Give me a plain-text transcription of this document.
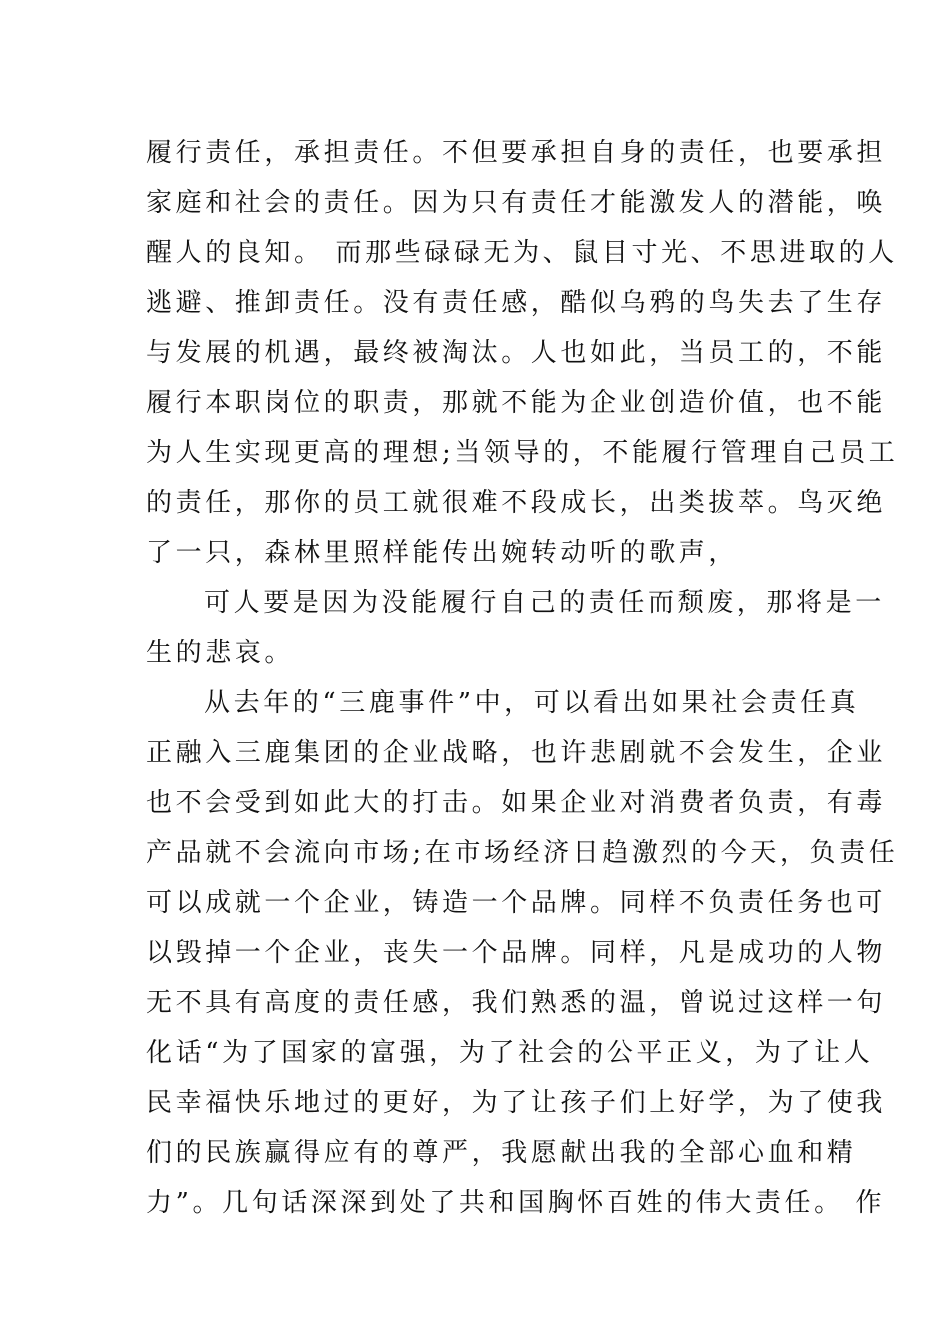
履行责任，承担责任。不但要承担自身的责任，也要承担
家庭和社会的责任。因为只有责任才能激发人的潜能，唤
醒人的良知。 而那些碌碌无为、鼠目寸光、不思进取的人
逃避、推卸责任。没有责任感，酷似乌鸦的鸟失去了生存
与发展的机遇，最终被淘汰。人也如此，当员工的，不能
履行本职岗位的职责，那就不能为企业创造价值，也不能
为人生实现更高的理想;当领导的，不能履行管理自己员工
的责任，那你的员工就很难不段成长，出类拔萃。鸟灭绝
了一只，森林里照样能传出婉转动听的歌声，
可人要是因为没能履行自己的责任而颓废，那将是一
生的悲哀。
从去年的“三鹿事件”中，可以看出如果社会责任真
正融入三鹿集团的企业战略，也许悲剧就不会发生，企业
也不会受到如此大的打击。如果企业对消费者负责，有毒
产品就不会流向市场;在市场经济日趋激烈的今天，负责任
可以成就一个企业，铸造一个品牌。同样不负责任务也可
以毁掉一个企业，丧失一个品牌。同样，凡是成功的人物
无不具有高度的责任感，我们熟悉的温，曾说过这样一句
化话“为了国家的富强，为了社会的公平正义，为了让人
民幸福快乐地过的更好，为了让孩子们上好学，为了使我
们的民族赢得应有的尊严，我愿献出我的全部心血和精
力”。几句话深深到处了共和国胸怀百姓的伟大责任。 作
